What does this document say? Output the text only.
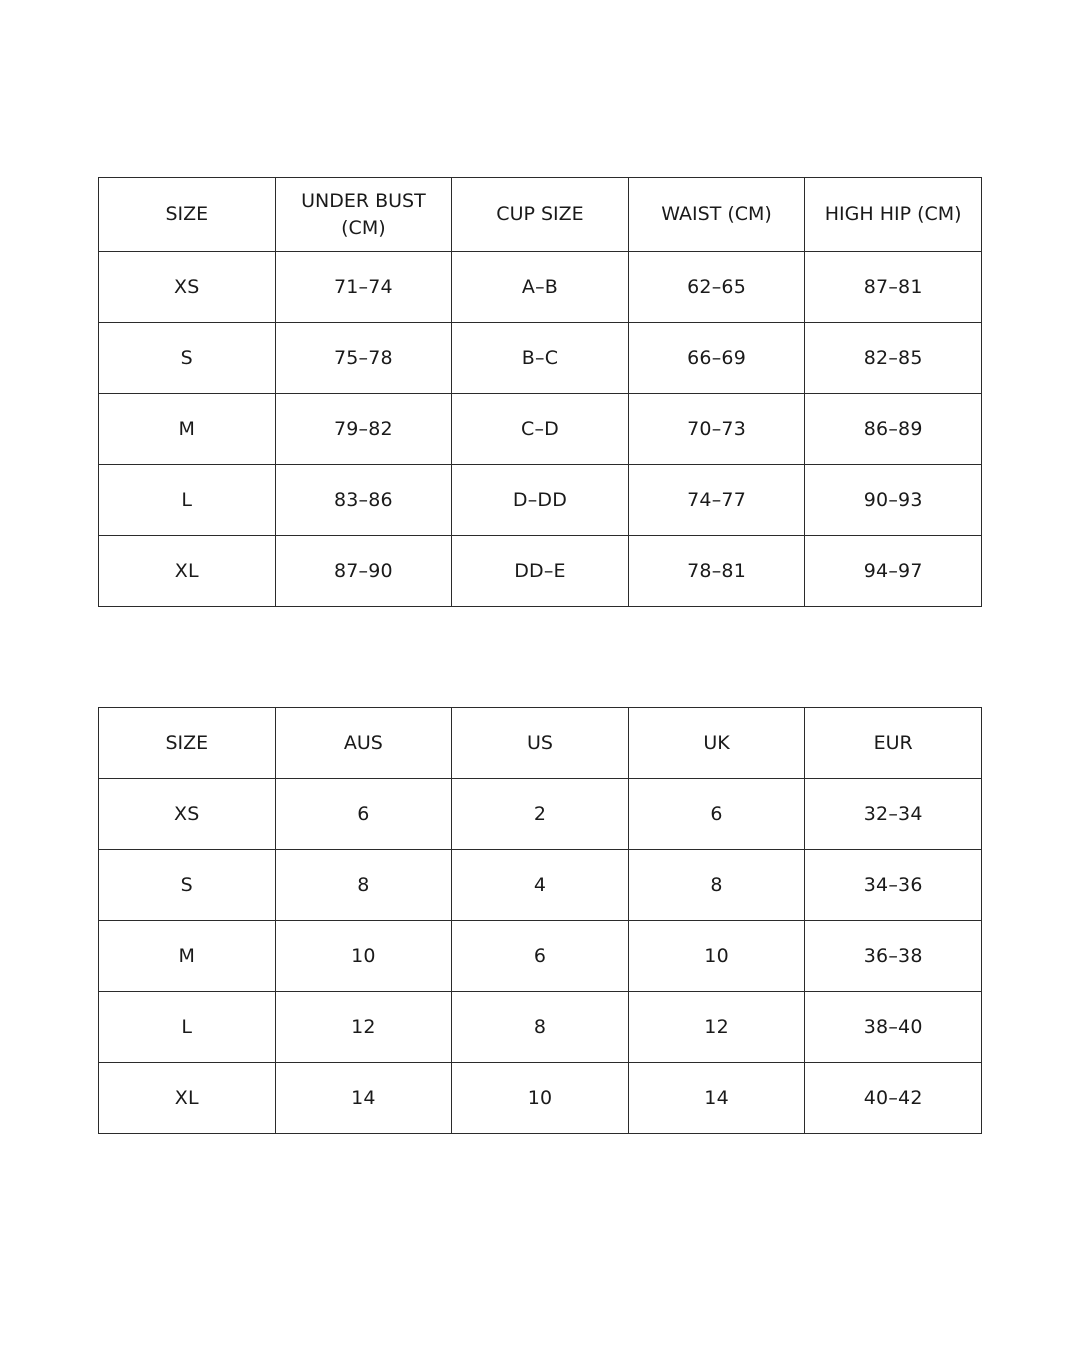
SIZE	UNDER BUST (CM)	CUP SIZE	WAIST (CM)	HIGH HIP (CM)
XS	71–74	A–B	62–65	87–81
S	75–78	B–C	66–69	82–85
M	79–82	C–D	70–73	86–89
L	83–86	D–DD	74–77	90–93
XL	87–90	DD–E	78–81	94–97
SIZE	AUS	US	UK	EUR
XS	6	2	6	32–34
S	8	4	8	34–36
M	10	6	10	36–38
L	12	8	12	38–40
XL	14	10	14	40–42
